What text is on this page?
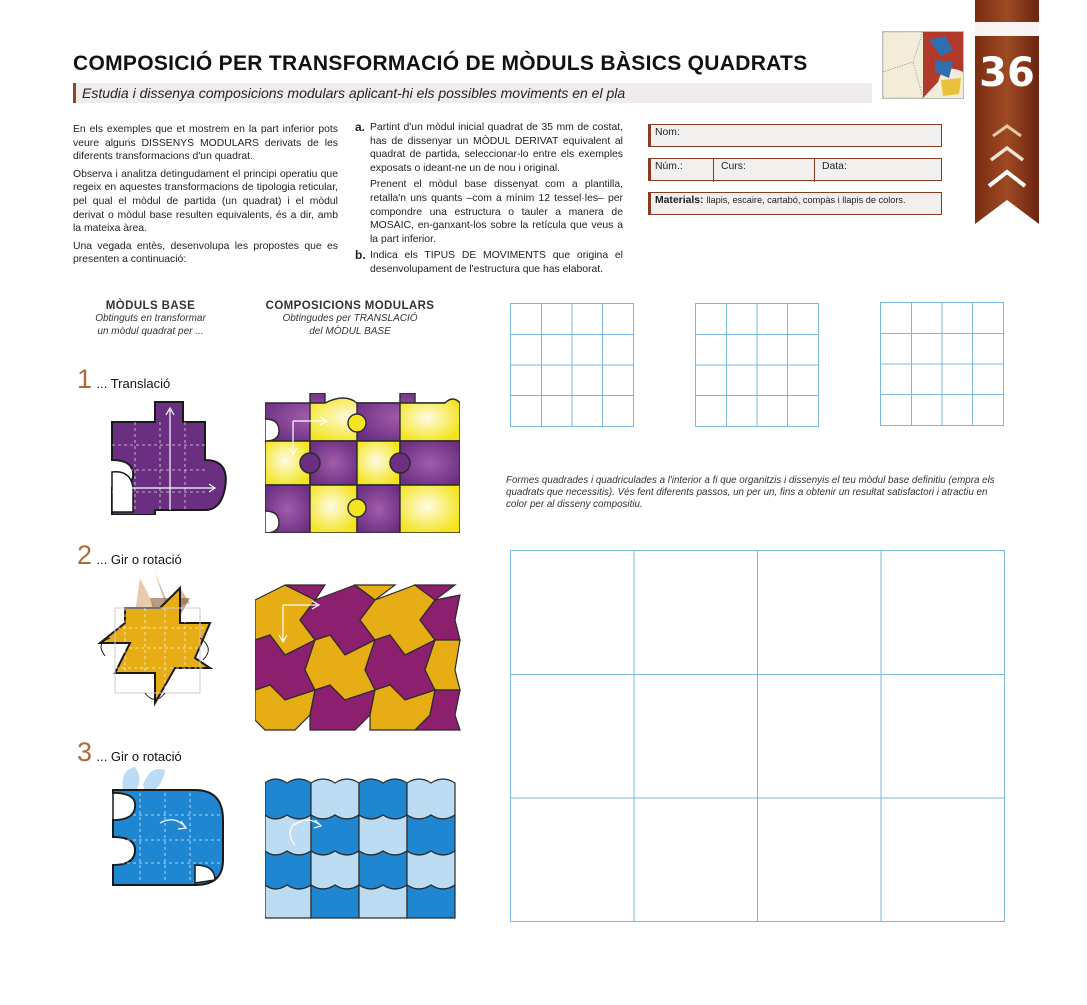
COMPOSICIÓ PER TRANSFORMACIÓ DE MÒDULS BÀSICS QUADRATS
Estudia i dissenya composicions modulars aplicant-hi els possibles moviments en el pla	36

En els exemples que et mostrem en la part inferior pots veure alguns DISSENYS MODULARS derivats de les diferents transformacions d'un quadrat.

Observa i analitza detingudament el principi operatiu que regeix en aquestes transformacions de tipologia reticular, pel qual el mòdul de partida (un quadrat) i el mòdul derivat o mòdul base resulten equivalents, és a dir, amb la mateixa àrea.

Una vegada entès, desenvolupa les propostes que es presenten a continuació:

a. Partint d'un mòdul inicial quadrat de 35 mm de costat, has de dissenyar un MÒDUL DERIVAT equivalent al quadrat de partida, seleccionar-lo entre els exemples exposats o ideant-ne un de nou i original.

Prenent el mòdul base dissenyat com a plantilla, retalla'n uns quants –com a mínim 12 tessel·les– per compondre una estructura o tauler a manera de MOSAIC, en-ganxant-los sobre la retícula que veus a la part inferior.

b. Indica els TIPUS DE MOVIMENTS que origina el desenvolupament de l'estructura que has elaborat.

Nom:
Núm.:	Curs:	Data:
Materials: llapis, escaire, cartabó, compàs i llapis de colors.
MÒDULS BASE
Obtinguts en transformar
un mòdul quadrat per ...
COMPOSICIONS MODULARS
Obtingudes per TRANSLACIÓ
del MÒDUL BASE
1 ... Translació
2 ... Gir o rotació
3 ... Gir o rotació
Formes quadrades i quadriculades a l'interior a fi que organitzis i dissenyis el teu mòdul base definitiu (empra els quadrats que necessitis). Vés fent diferents passos, un per un, fins a obtenir un resultat satisfactori i atractiu en color per al disseny compositiu.
